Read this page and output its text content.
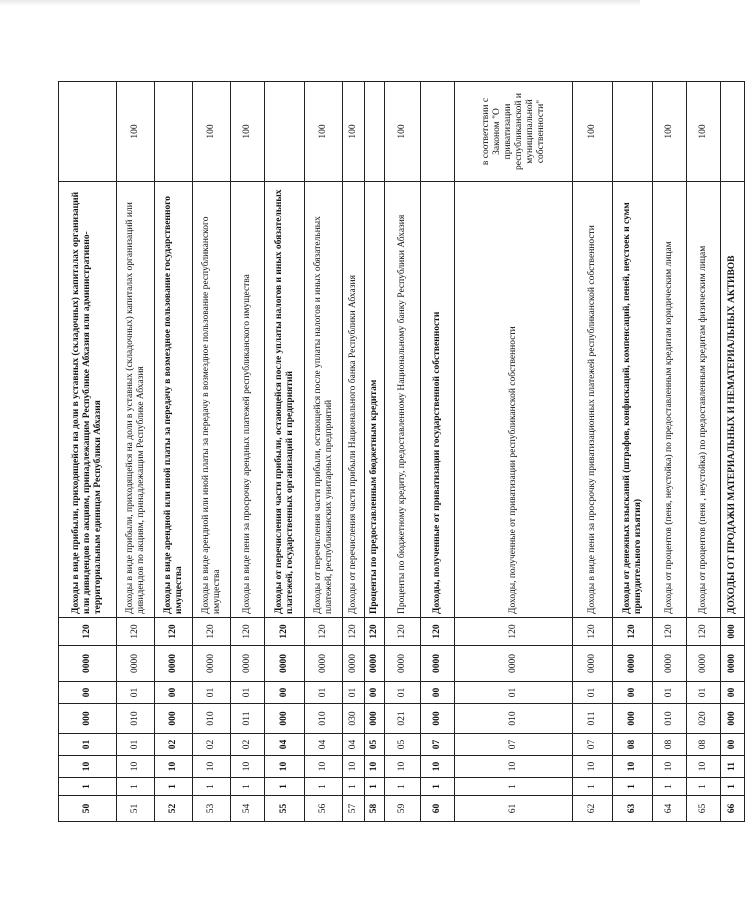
50	1	10	01	000	00	0000	120	Доходы в виде прибыли, приходящейся на доли в уставных (складочных) капиталах организаций или дивидендов по акциям, принадлежащим Республике Абхазия или административно-территориальным единицам Республики Абхазия	
51	1	10	01	010	01	0000	120	Доходы в виде прибыли, приходящейся на доли в уставных (складочных) капиталах организаций или дивидендов по акциям, принадлежащим Республике Абхазия	100
52	1	10	02	000	00	0000	120	Доходы в виде арендной или иной платы за передачу в возмездное пользование государственного имущества	
53	1	10	02	010	01	0000	120	Доходы в виде арендной или иной платы за передачу в возмездное пользование республиканского имущества	100
54	1	10	02	011	01	0000	120	Доходы в виде пени за просрочку арендных платежей республиканского имущества	100
55	1	10	04	000	00	0000	120	Доходы от перечисления части прибыли, остающейся после уплаты налогов и иных обязательных платежей, государственных организаций и предприятий	
56	1	10	04	010	01	0000	120	Доходы от перечисления части прибыли, остающейся после уплаты налогов и иных обязательных платежей, республиканских унитарных предприятий	100
57	1	10	04	030	01	0000	120	Доходы от перечисления части прибыли Национального банка Республики Абхазия	100
58	1	10	05	000	00	0000	120	Проценты по предоставленным бюджетным кредитам	
59	1	10	05	021	01	0000	120	Проценты по бюджетному кредиту, предоставленному Национальному банку Республики Абхазия	100
60	1	10	07	000	00	0000	120	Доходы, полученные от приватизации государственной собственности	
61	1	10	07	010	01	0000	120	Доходы, полученные от приватизации республиканской собственности	в соответствии с Законом "О приватизации республиканской и муниципальной собственности"
62	1	10	07	011	01	0000	120	Доходы в виде пени за просрочку приватизационных платежей республиканской собственности	100
63	1	10	08	000	00	0000	120	Доходы от денежных взысканий (штрафов, конфискаций, компенсаций, пеней, неустоек и сумм принудительного изъятия)	
64	1	10	08	010	01	0000	120	Доходы от процентов (пеня, неустойка) по предоставленным кредитам юридическим лицам	100
65	1	10	08	020	01	0000	120	Доходы от процентов (пеня , неустойка) по предоставленным кредитам физическим лицам	100
66	1	11	00	000	00	0000	000	ДОХОДЫ ОТ ПРОДАЖИ МАТЕРИАЛЬНЫХ И НЕМАТЕРИАЛЬНЫХ АКТИВОВ	
